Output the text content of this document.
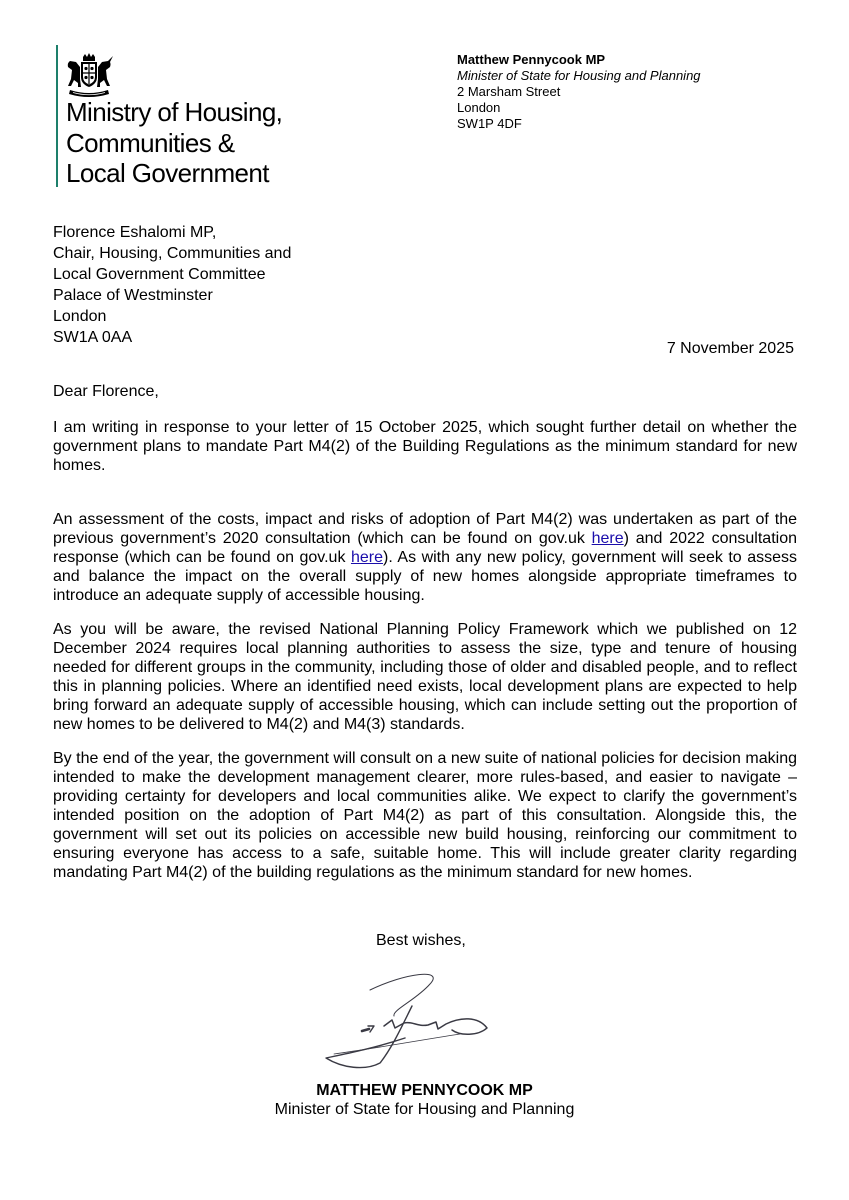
Ministry of Housing,
Communities &
Local Government
Matthew Pennycook MP
Minister of State for Housing and Planning
2 Marsham Street
London
SW1P 4DF
Florence Eshalomi MP,
Chair, Housing, Communities and
Local Government Committee
Palace of Westminster
London
SW1A 0AA
7 November 2025
Dear Florence,

I am writing in response to your letter of 15 October 2025, which sought further detail on whether the government plans to mandate Part M4(2) of the Building Regulations as the minimum standard for new homes.

An assessment of the costs, impact and risks of adoption of Part M4(2) was undertaken as part of the previous government’s 2020 consultation (which can be found on gov.uk here) and 2022 consultation response (which can be found on gov.uk here). As with any new policy, government will seek to assess and balance the impact on the overall supply of new homes alongside appropriate timeframes to introduce an adequate supply of accessible housing.

As you will be aware, the revised National Planning Policy Framework which we published on 12 December 2024 requires local planning authorities to assess the size, type and tenure of housing needed for different groups in the community, including those of older and disabled people, and to reflect this in planning policies. Where an identified need exists, local development plans are expected to help bring forward an adequate supply of accessible housing, which can include setting out the proportion of new homes to be delivered to M4(2) and M4(3) standards.

By the end of the year, the government will consult on a new suite of national policies for decision making intended to make the development management clearer, more rules-based, and easier to navigate – providing certainty for developers and local communities alike. We expect to clarify the government’s intended position on the adoption of Part M4(2) as part of this consultation. Alongside this, the government will set out its policies on accessible new build housing, reinforcing our commitment to ensuring everyone has access to a safe, suitable home. This will include greater clarity regarding mandating Part M4(2) of the building regulations as the minimum standard for new homes.

Best wishes,
MATTHEW PENNYCOOK MP
Minister of State for Housing and Planning
